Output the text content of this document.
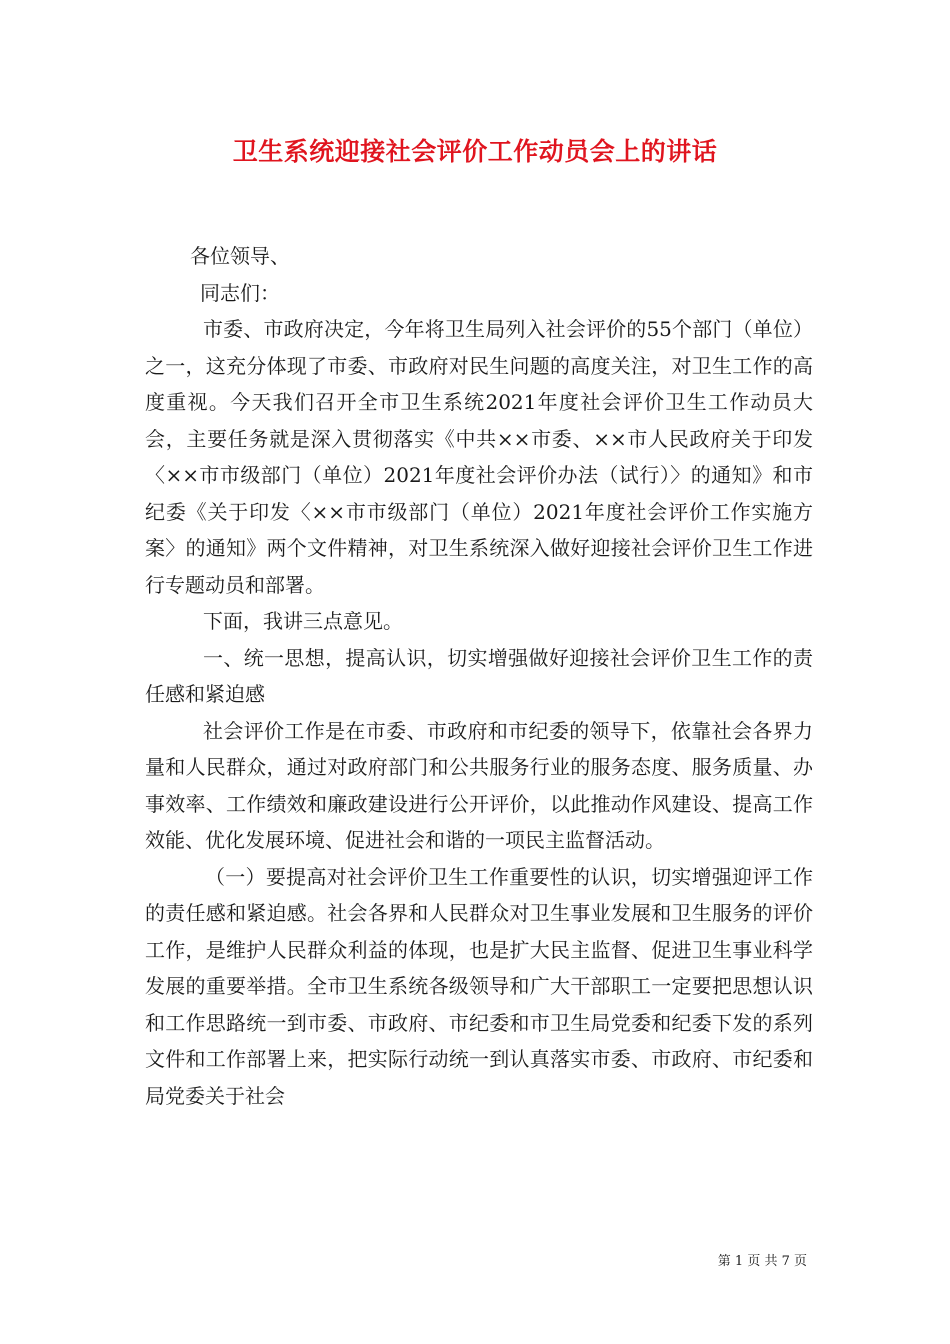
卫生系统迎接社会评价工作动员会上的讲话

各位领导、

同志们：

市委、市政府决定，今年将卫生局列入社会评价的55个部门（单位）之一，这充分体现了市委、市政府对民生问题的高度关注，对卫生工作的高度重视。今天我们召开全市卫生系统2021年度社会评价卫生工作动员大会，主要任务就是深入贯彻落实《中共××市委、××市人民政府关于印发〈××市市级部门（单位）2021年度社会评价办法（试行）〉的通知》和市纪委《关于印发〈××市市级部门（单位）2021年度社会评价工作实施方案〉的通知》两个文件精神，对卫生系统深入做好迎接社会评价卫生工作进行专题动员和部署。

下面，我讲三点意见。

一、统一思想，提高认识，切实增强做好迎接社会评价卫生工作的责任感和紧迫感

社会评价工作是在市委、市政府和市纪委的领导下，依靠社会各界力量和人民群众，通过对政府部门和公共服务行业的服务态度、服务质量、办事效率、工作绩效和廉政建设进行公开评价，以此推动作风建设、提高工作效能、优化发展环境、促进社会和谐的一项民主监督活动。

（一）要提高对社会评价卫生工作重要性的认识，切实增强迎评工作的责任感和紧迫感。社会各界和人民群众对卫生事业发展和卫生服务的评价工作，是维护人民群众利益的体现，也是扩大民主监督、促进卫生事业科学发展的重要举措。全市卫生系统各级领导和广大干部职工一定要把思想认识和工作思路统一到市委、市政府、市纪委和市卫生局党委和纪委下发的系列文件和工作部署上来，把实际行动统一到认真落实市委、市政府、市纪委和局党委关于社会

第 1 页 共 7 页
